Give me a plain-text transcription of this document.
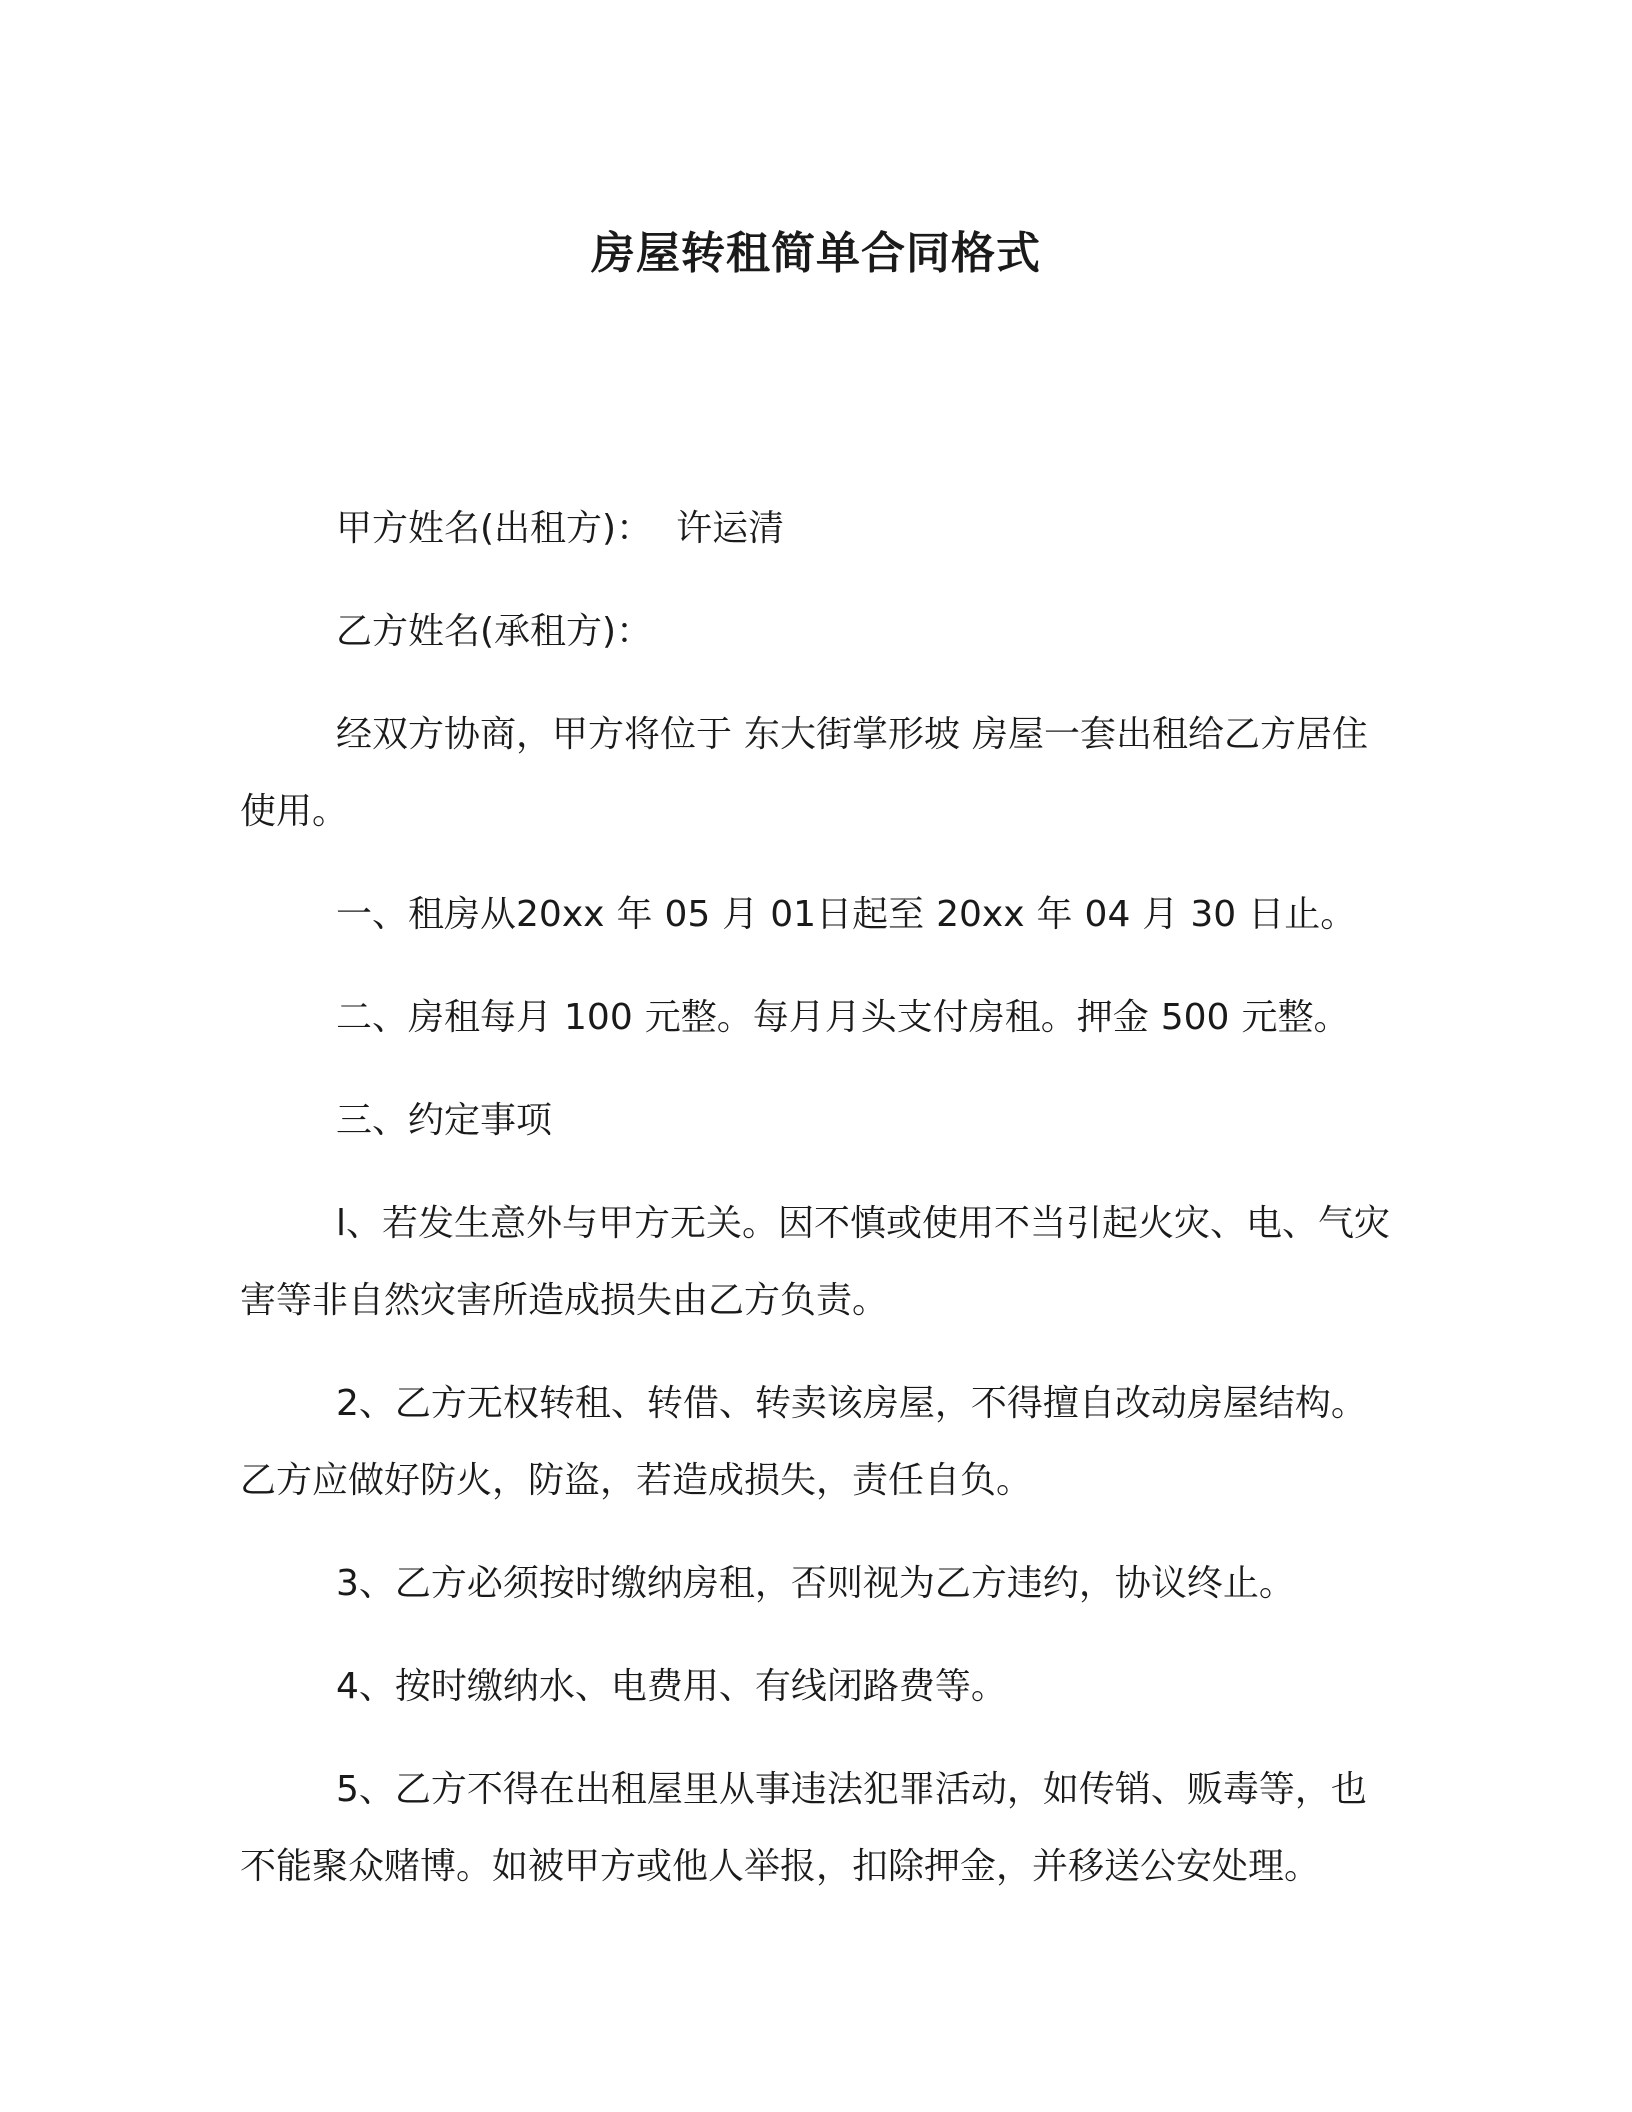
房屋转租简单合同格式

甲方姓名(出租方)： 许运清

乙方姓名(承租方)：

经双方协商，甲方将位于 东大街掌形坡 房屋一套出租给乙方居住使用。

一、租房从20xx 年 05 月 01日起至 20xx 年 04 月 30 日止。

二、房租每月 100 元整。每月月头支付房租。押金 500 元整。

三、约定事项

l、若发生意外与甲方无关。因不慎或使用不当引起火灾、电、气灾害等非自然灾害所造成损失由乙方负责。

2、乙方无权转租、转借、转卖该房屋，不得擅自改动房屋结构。乙方应做好防火，防盗，若造成损失，责任自负。

3、乙方必须按时缴纳房租，否则视为乙方违约，协议终止。

4、按时缴纳水、电费用、有线闭路费等。

5、乙方不得在出租屋里从事违法犯罪活动，如传销、贩毒等，也不能聚众赌博。如被甲方或他人举报，扣除押金，并移送公安处理。
